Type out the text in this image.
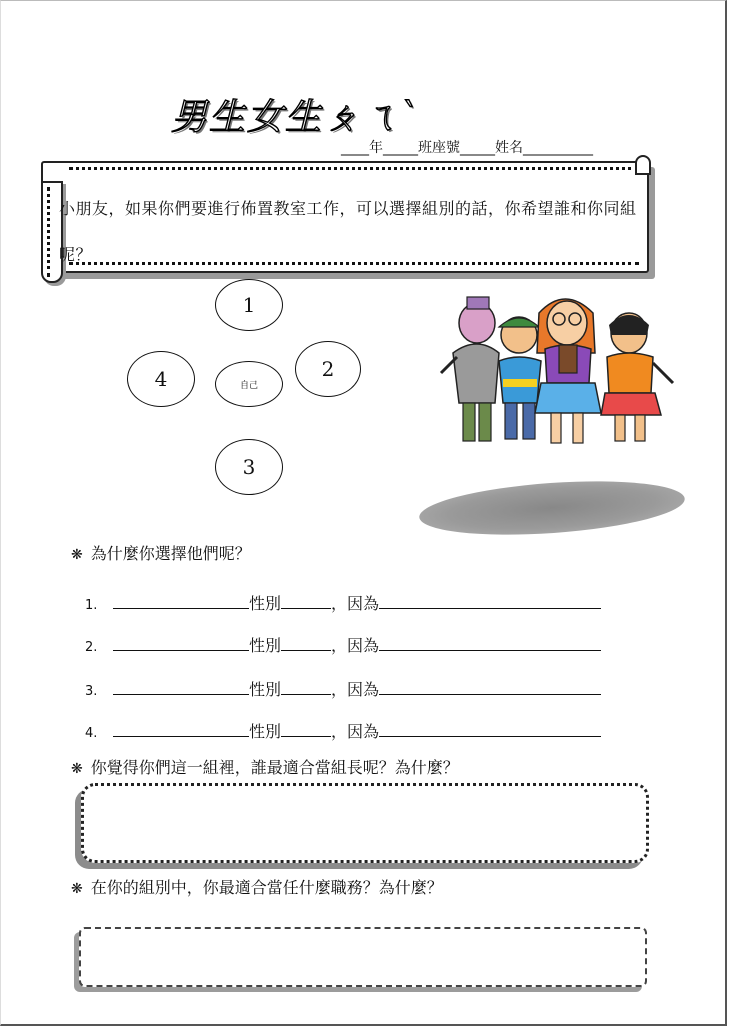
男生女生ㄆㄟˋ
____年_____班座號_____姓名__________
小朋友，如果你們要進行佈置教室工作，可以選擇組別的話，你希望誰和你同組呢？
1
2
4	自己
3
❋ 為什麼你選擇他們呢？
1.	性別	，因為
2.	性別	，因為
3.	性別	，因為
4.	性別	，因為
❋ 你覺得你們這一組裡，誰最適合當組長呢？為什麼？
❋ 在你的組別中，你最適合當任什麼職務？為什麼？
